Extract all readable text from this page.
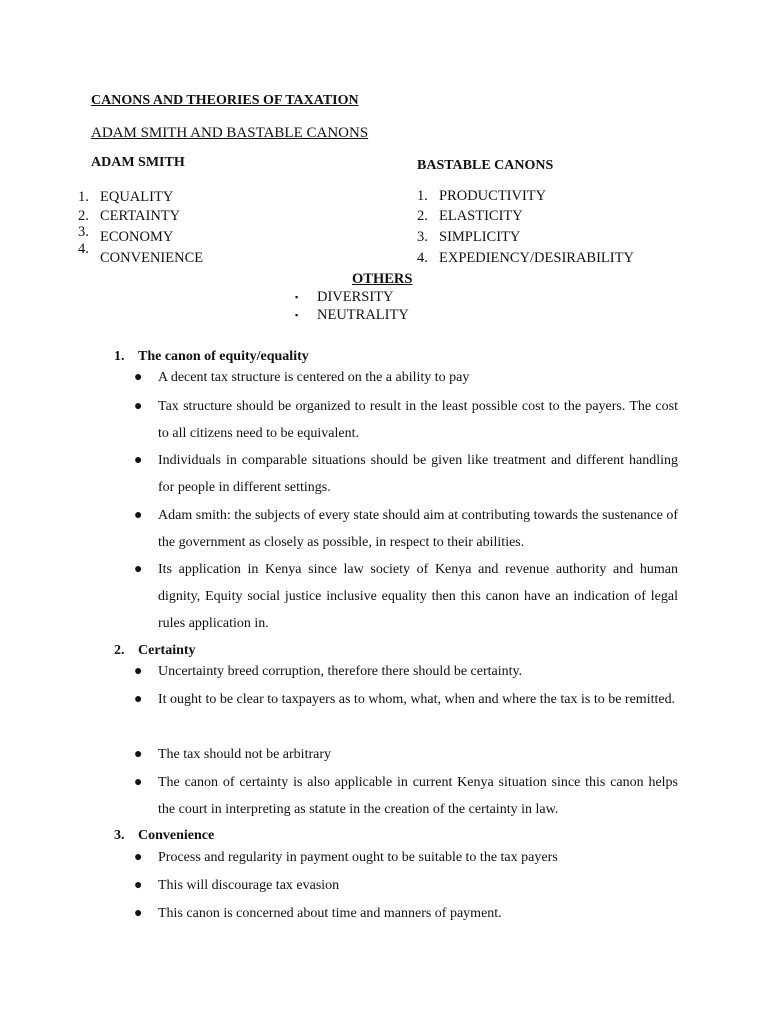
CANONS AND THEORIES OF TAXATION
ADAM SMITH AND BASTABLE CANONS
ADAM SMITH
1. EQUALITY
2. CERTAINTY
3. ECONOMY
4.
CONVENIENCE
BASTABLE CANONS
1. PRODUCTIVITY
2. ELASTICITY
3. SIMPLICITY
4. EXPEDIENCY/DESIRABILITY
OTHERS
▪ DIVERSITY
▪ NEUTRALITY
1. The canon of equity/equality
● A decent tax structure is centered on the a ability to pay
● Tax structure should be organized to result in the least possible cost to the payers. The cost to all citizens need to be equivalent.
● Individuals in comparable situations should be given like treatment and different handling for people in different settings.
● Adam smith: the subjects of every state should aim at contributing towards the sustenance of the government as closely as possible, in respect to their abilities.
● Its application in Kenya since law society of Kenya and revenue authority and human dignity, Equity social justice inclusive equality then this canon have an indication of legal rules application in.
2. Certainty
● Uncertainty breed corruption, therefore there should be certainty.
● It ought to be clear to taxpayers as to whom, what, when and where the tax is to be remitted.
● The tax should not be arbitrary
● The canon of certainty is also applicable in current Kenya situation since this canon helps the court in interpreting as statute in the creation of the certainty in law.
3. Convenience
● Process and regularity in payment ought to be suitable to the tax payers
● This will discourage tax evasion
● This canon is concerned about time and manners of payment.
